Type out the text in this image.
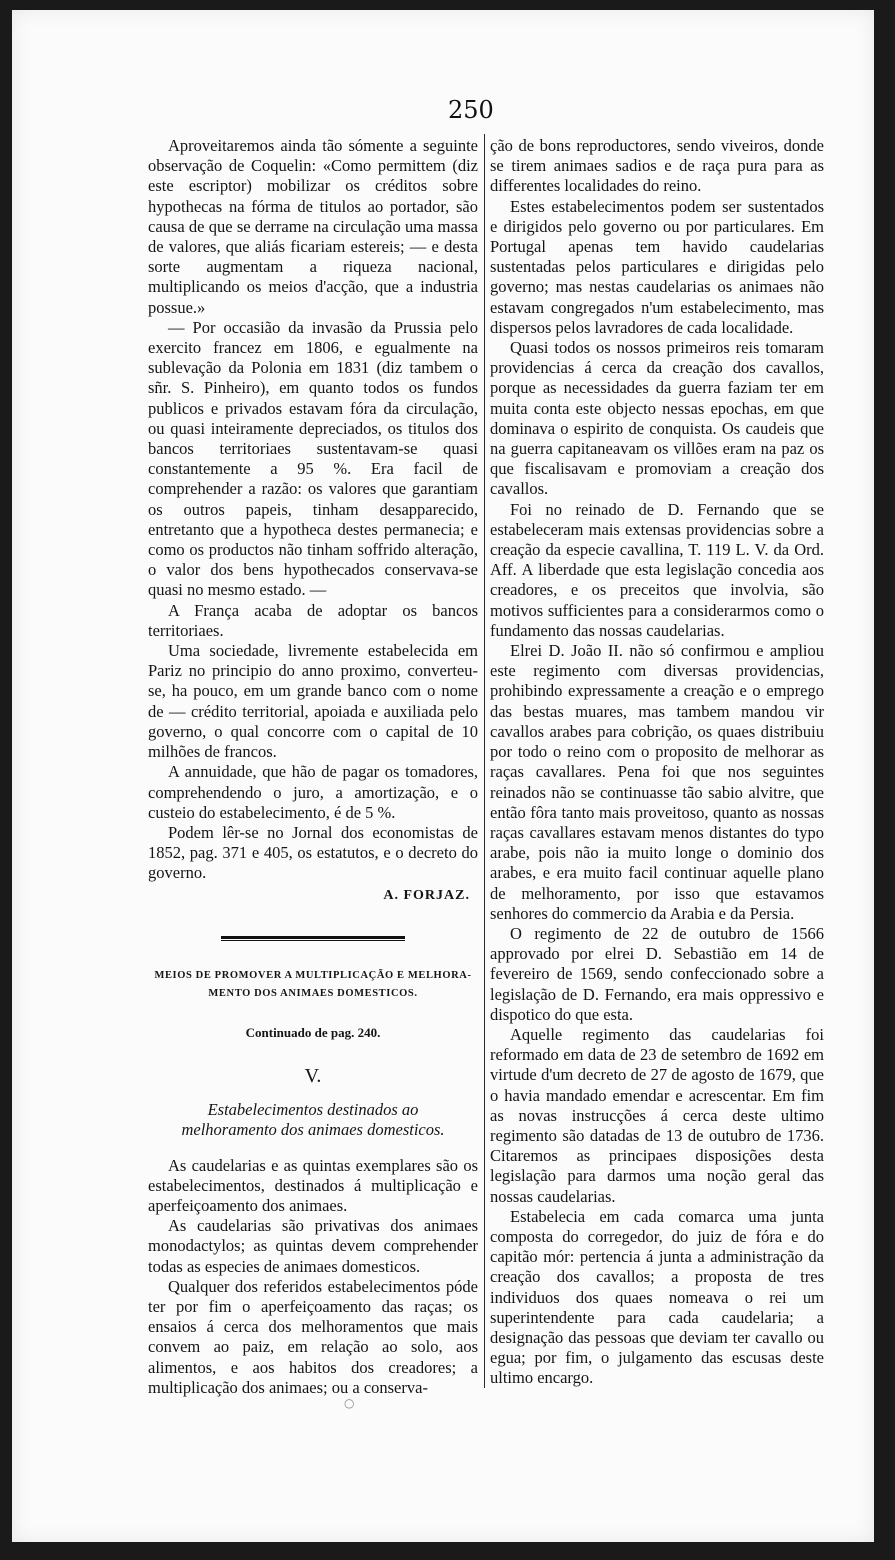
250

Aproveitaremos ainda tão sómente a seguinte observação de Coquelin: «Como permittem (diz este escriptor) mobilizar os créditos sobre hypothecas na fórma de titulos ao portador, são causa de que se derrame na circulação uma massa de valores, que aliás ficariam estereis; — e desta sorte augmentam a riqueza nacional, multiplicando os meios d'acção, que a industria possue.»

— Por occasião da invasão da Prussia pelo exercito francez em 1806, e egualmente na sublevação da Polonia em 1831 (diz tambem o sñr. S. Pinheiro), em quanto todos os fundos publicos e privados estavam fóra da circulação, ou quasi inteiramente depreciados, os titulos dos bancos territoriaes sustentavam-se quasi constantemente a 95 %. Era facil de comprehender a razão: os valores que garantiam os outros papeis, tinham desapparecido, entretanto que a hypotheca destes permanecia; e como os productos não tinham soffrido alteração, o valor dos bens hypothecados conservava-se quasi no mesmo estado. —

A França acaba de adoptar os bancos territoriaes.

Uma sociedade, livremente estabelecida em Pariz no principio do anno proximo, converteu-se, ha pouco, em um grande banco com o nome de — crédito territorial, apoiada e auxiliada pelo governo, o qual concorre com o capital de 10 milhões de francos.

A annuidade, que hão de pagar os tomadores, comprehendendo o juro, a amortização, e o custeio do estabelecimento, é de 5 %.

Podem lêr-se no Jornal dos economistas de 1852, pag. 371 e 405, os estatutos, e o decreto do governo.

A. FORJAZ.

MEIOS DE PROMOVER A MULTIPLICAÇÃO E MELHORA-

MENTO DOS ANIMAES DOMESTICOS.

Continuado de pag. 240.

V.

Estabelecimentos destinados ao melhoramento dos animaes domesticos.

As caudelarias e as quintas exemplares são os estabelecimentos, destinados á multiplicação e aperfeiçoamento dos animaes.

As caudelarias são privativas dos animaes monodactylos; as quintas devem comprehender todas as especies de animaes domesticos.

Qualquer dos referidos estabelecimentos póde ter por fim o aperfeiçoamento das raças; os ensaios á cerca dos melhoramentos que mais convem ao paiz, em relação ao solo, aos alimentos, e aos habitos dos creadores; a multiplicação dos animaes; ou a conserva-

ção de bons reproductores, sendo viveiros, donde se tirem animaes sadios e de raça pura para as differentes localidades do reino.

Estes estabelecimentos podem ser sustentados e dirigidos pelo governo ou por particulares. Em Portugal apenas tem havido caudelarias sustentadas pelos particulares e dirigidas pelo governo; mas nestas caudelarias os animaes não estavam congregados n'um estabelecimento, mas dispersos pelos lavradores de cada localidade.

Quasi todos os nossos primeiros reis tomaram providencias á cerca da creação dos cavallos, porque as necessidades da guerra faziam ter em muita conta este objecto nessas epochas, em que dominava o espirito de conquista. Os caudeis que na guerra capitaneavam os villões eram na paz os que fiscalisavam e promoviam a creação dos cavallos.

Foi no reinado de D. Fernando que se estabeleceram mais extensas providencias sobre a creação da especie cavallina, T. 119 L. V. da Ord. Aff. A liberdade que esta legislação concedia aos creadores, e os preceitos que involvia, são motivos sufficientes para a considerarmos como o fundamento das nossas caudelarias.

Elrei D. João II. não só confirmou e ampliou este regimento com diversas providencias, prohibindo expressamente a creação e o emprego das bestas muares, mas tambem mandou vir cavallos arabes para cobrição, os quaes distribuiu por todo o reino com o proposito de melhorar as raças cavallares. Pena foi que nos seguintes reinados não se continuasse tão sabio alvitre, que então fôra tanto mais proveitoso, quanto as nossas raças cavallares estavam menos distantes do typo arabe, pois não ia muito longe o dominio dos arabes, e era muito facil continuar aquelle plano de melhoramento, por isso que estavamos senhores do commercio da Arabia e da Persia.

O regimento de 22 de outubro de 1566 approvado por elrei D. Sebastião em 14 de fevereiro de 1569, sendo confeccionado sobre a legislação de D. Fernando, era mais oppressivo e dispotico do que esta.

Aquelle regimento das caudelarias foi reformado em data de 23 de setembro de 1692 em virtude d'um decreto de 27 de agosto de 1679, que o havia mandado emendar e acrescentar. Em fim as novas instrucções á cerca deste ultimo regimento são datadas de 13 de outubro de 1736. Citaremos as principaes disposições desta legislação para darmos uma noção geral das nossas caudelarias.

Estabelecia em cada comarca uma junta composta do corregedor, do juiz de fóra e do capitão mór: pertencia á junta a administração da creação dos cavallos; a proposta de tres individuos dos quaes nomeava o rei um superintendente para cada caudelaria; a designação das pessoas que deviam ter cavallo ou egua; por fim, o julgamento das escusas deste ultimo encargo.

○
